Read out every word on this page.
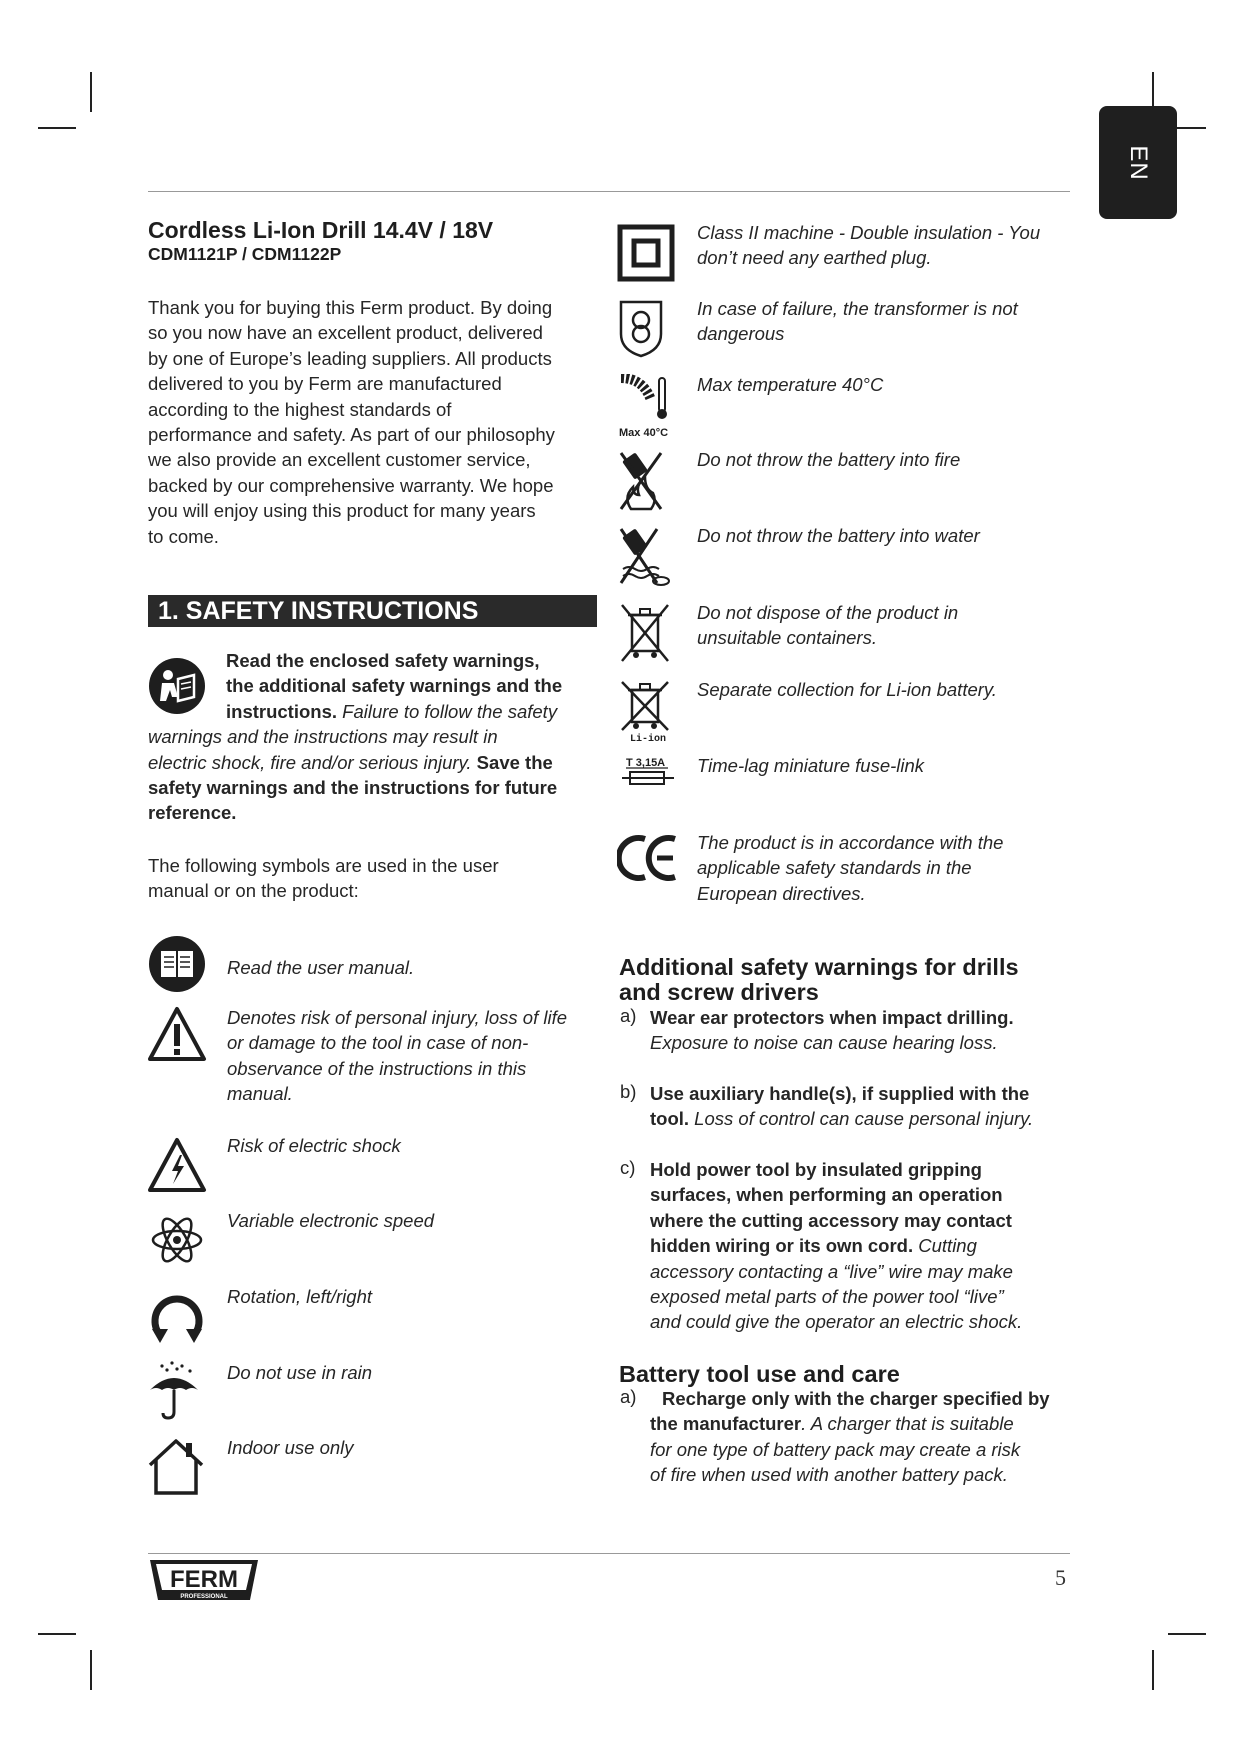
EN
Cordless Li-Ion Drill 14.4V / 18V
CDM1121P / CDM1122P
Thank you for buying this Ferm product. By doing
so you now have an excellent product, delivered
by one of Europe’s leading suppliers. All products
delivered to you by Ferm are manufactured
according to the highest standards of
performance and safety. As part of our philosophy
we also provide an excellent customer service,
backed by our comprehensive warranty. We hope
you will enjoy using this product for many years
to come.
1. SAFETY INSTRUCTIONS
Read the enclosed safety warnings,
the additional safety warnings and the
instructions. Failure to follow the safety
warnings and the instructions may result in
electric shock, fire and/or serious injury. Save the
safety warnings and the instructions for future
reference.
The following symbols are used in the user
manual or on the product:
Read the user manual.
Denotes risk of personal injury, loss of life
or damage to the tool in case of non-
observance of the instructions in this
manual.
Risk of electric shock
Variable electronic speed
Rotation, left/right
Do not use in rain
Indoor use only
Class II machine - Double insulation - You
don’t need any earthed plug.
In case of failure, the transformer is not
dangerous
Max 40°C
Max temperature 40°C
Do not throw the battery into fire
Do not throw the battery into water
Do not dispose of the product in
unsuitable containers.
Li-ion
Separate collection for Li-ion battery.
T 3,15A Time-lag miniature fuse-link
The product is in accordance with the
applicable safety standards in the
European directives.
Additional safety warnings for drills
and screw drivers
a) Wear ear protectors when impact drilling.
Exposure to noise can cause hearing loss.
b) Use auxiliary handle(s), if supplied with the
tool. Loss of control can cause personal injury.
c) Hold power tool by insulated gripping
surfaces, when performing an operation
where the cutting accessory may contact
hidden wiring or its own cord. Cutting
accessory contacting a “live” wire may make
exposed metal parts of the power tool “live”
and could give the operator an electric shock.
Battery tool use and care
a)	Recharge only with the charger specified by
the manufacturer. A charger that is suitable
for one type of battery pack may create a risk
of fire when used with another battery pack.
FERM
PROFESSIONAL
5
